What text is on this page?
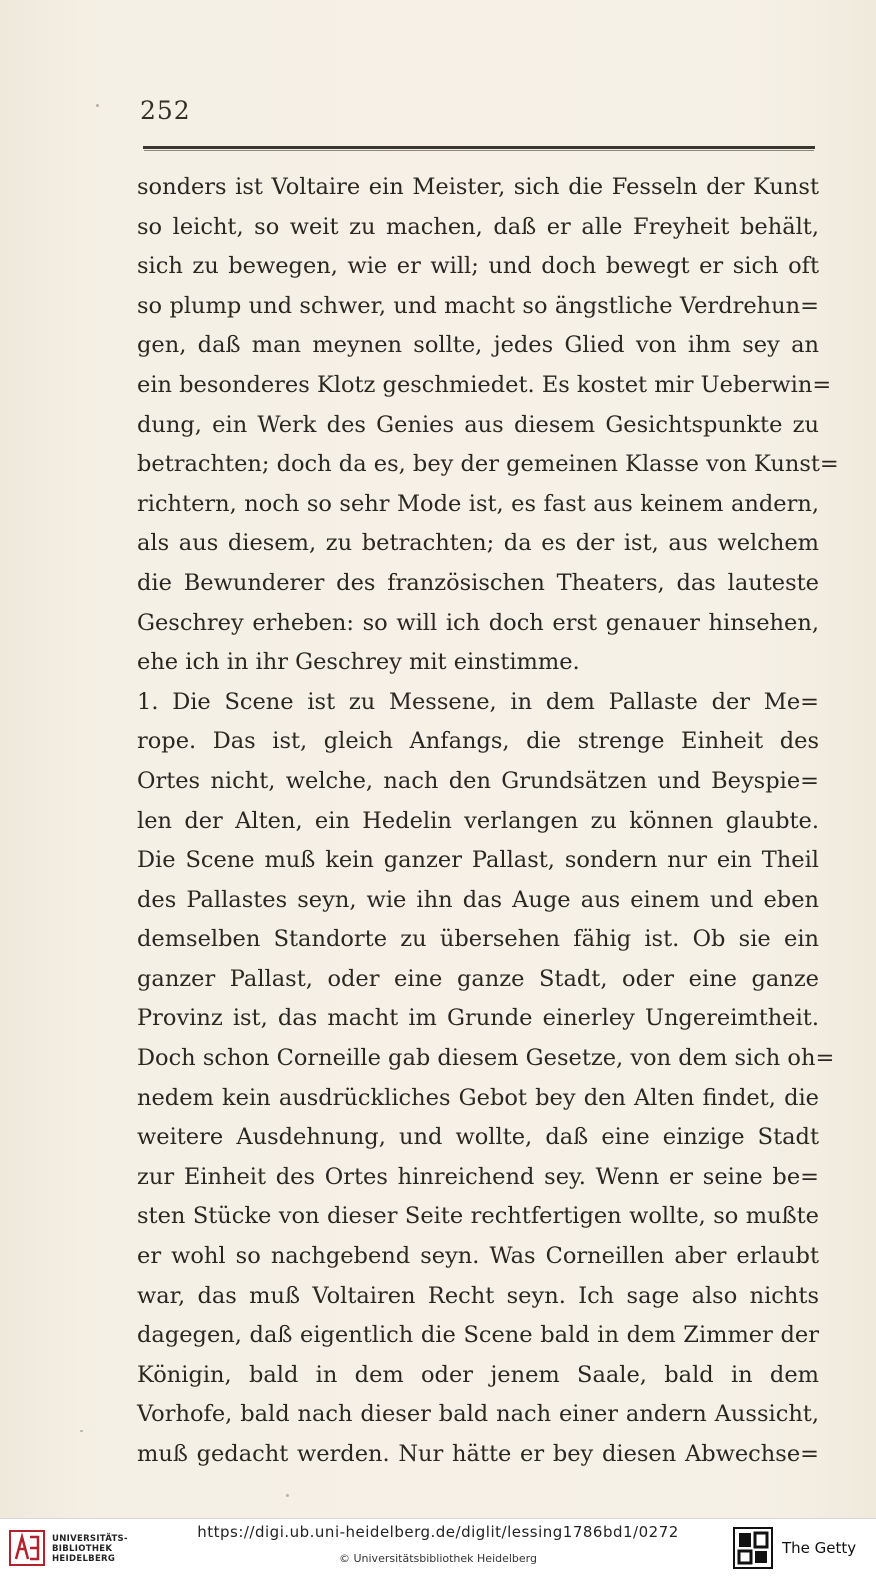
252
sonders ist Voltaire ein Meister, sich die Fesseln der Kunst
so leicht, so weit zu machen, daß er alle Freyheit behält,
sich zu bewegen, wie er will; und doch bewegt er sich oft
so plump und schwer, und macht so ängstliche Verdrehun=
gen, daß man meynen sollte, jedes Glied von ihm sey an
ein besonderes Klotz geschmiedet. Es kostet mir Ueberwin=
dung, ein Werk des Genies aus diesem Gesichtspunkte zu
betrachten; doch da es, bey der gemeinen Klasse von Kunst=
richtern, noch so sehr Mode ist, es fast aus keinem andern,
als aus diesem, zu betrachten; da es der ist, aus welchem
die Bewunderer des französischen Theaters, das lauteste
Geschrey erheben: so will ich doch erst genauer hinsehen,
ehe ich in ihr Geschrey mit einstimme.
1. Die Scene ist zu Messene, in dem Pallaste der Me=
rope. Das ist, gleich Anfangs, die strenge Einheit des
Ortes nicht, welche, nach den Grundsätzen und Beyspie=
len der Alten, ein Hedelin verlangen zu können glaubte.
Die Scene muß kein ganzer Pallast, sondern nur ein Theil
des Pallastes seyn, wie ihn das Auge aus einem und eben
demselben Standorte zu übersehen fähig ist. Ob sie ein
ganzer Pallast, oder eine ganze Stadt, oder eine ganze
Provinz ist, das macht im Grunde einerley Ungereimtheit.
Doch schon Corneille gab diesem Gesetze, von dem sich oh=
nedem kein ausdrückliches Gebot bey den Alten findet, die
weitere Ausdehnung, und wollte, daß eine einzige Stadt
zur Einheit des Ortes hinreichend sey. Wenn er seine be=
sten Stücke von dieser Seite rechtfertigen wollte, so mußte
er wohl so nachgebend seyn. Was Corneillen aber erlaubt
war, das muß Voltairen Recht seyn. Ich sage also nichts
dagegen, daß eigentlich die Scene bald in dem Zimmer der
Königin, bald in dem oder jenem Saale, bald in dem
Vorhofe, bald nach dieser bald nach einer andern Aussicht,
muß gedacht werden. Nur hätte er bey diesen Abwechse=
UNIVERSITÄTS-
BIBLIOTHEK
HEIDELBERG
https://digi.ub.uni-heidelberg.de/diglit/lessing1786bd1/0272
© Universitätsbibliothek Heidelberg
The Getty
